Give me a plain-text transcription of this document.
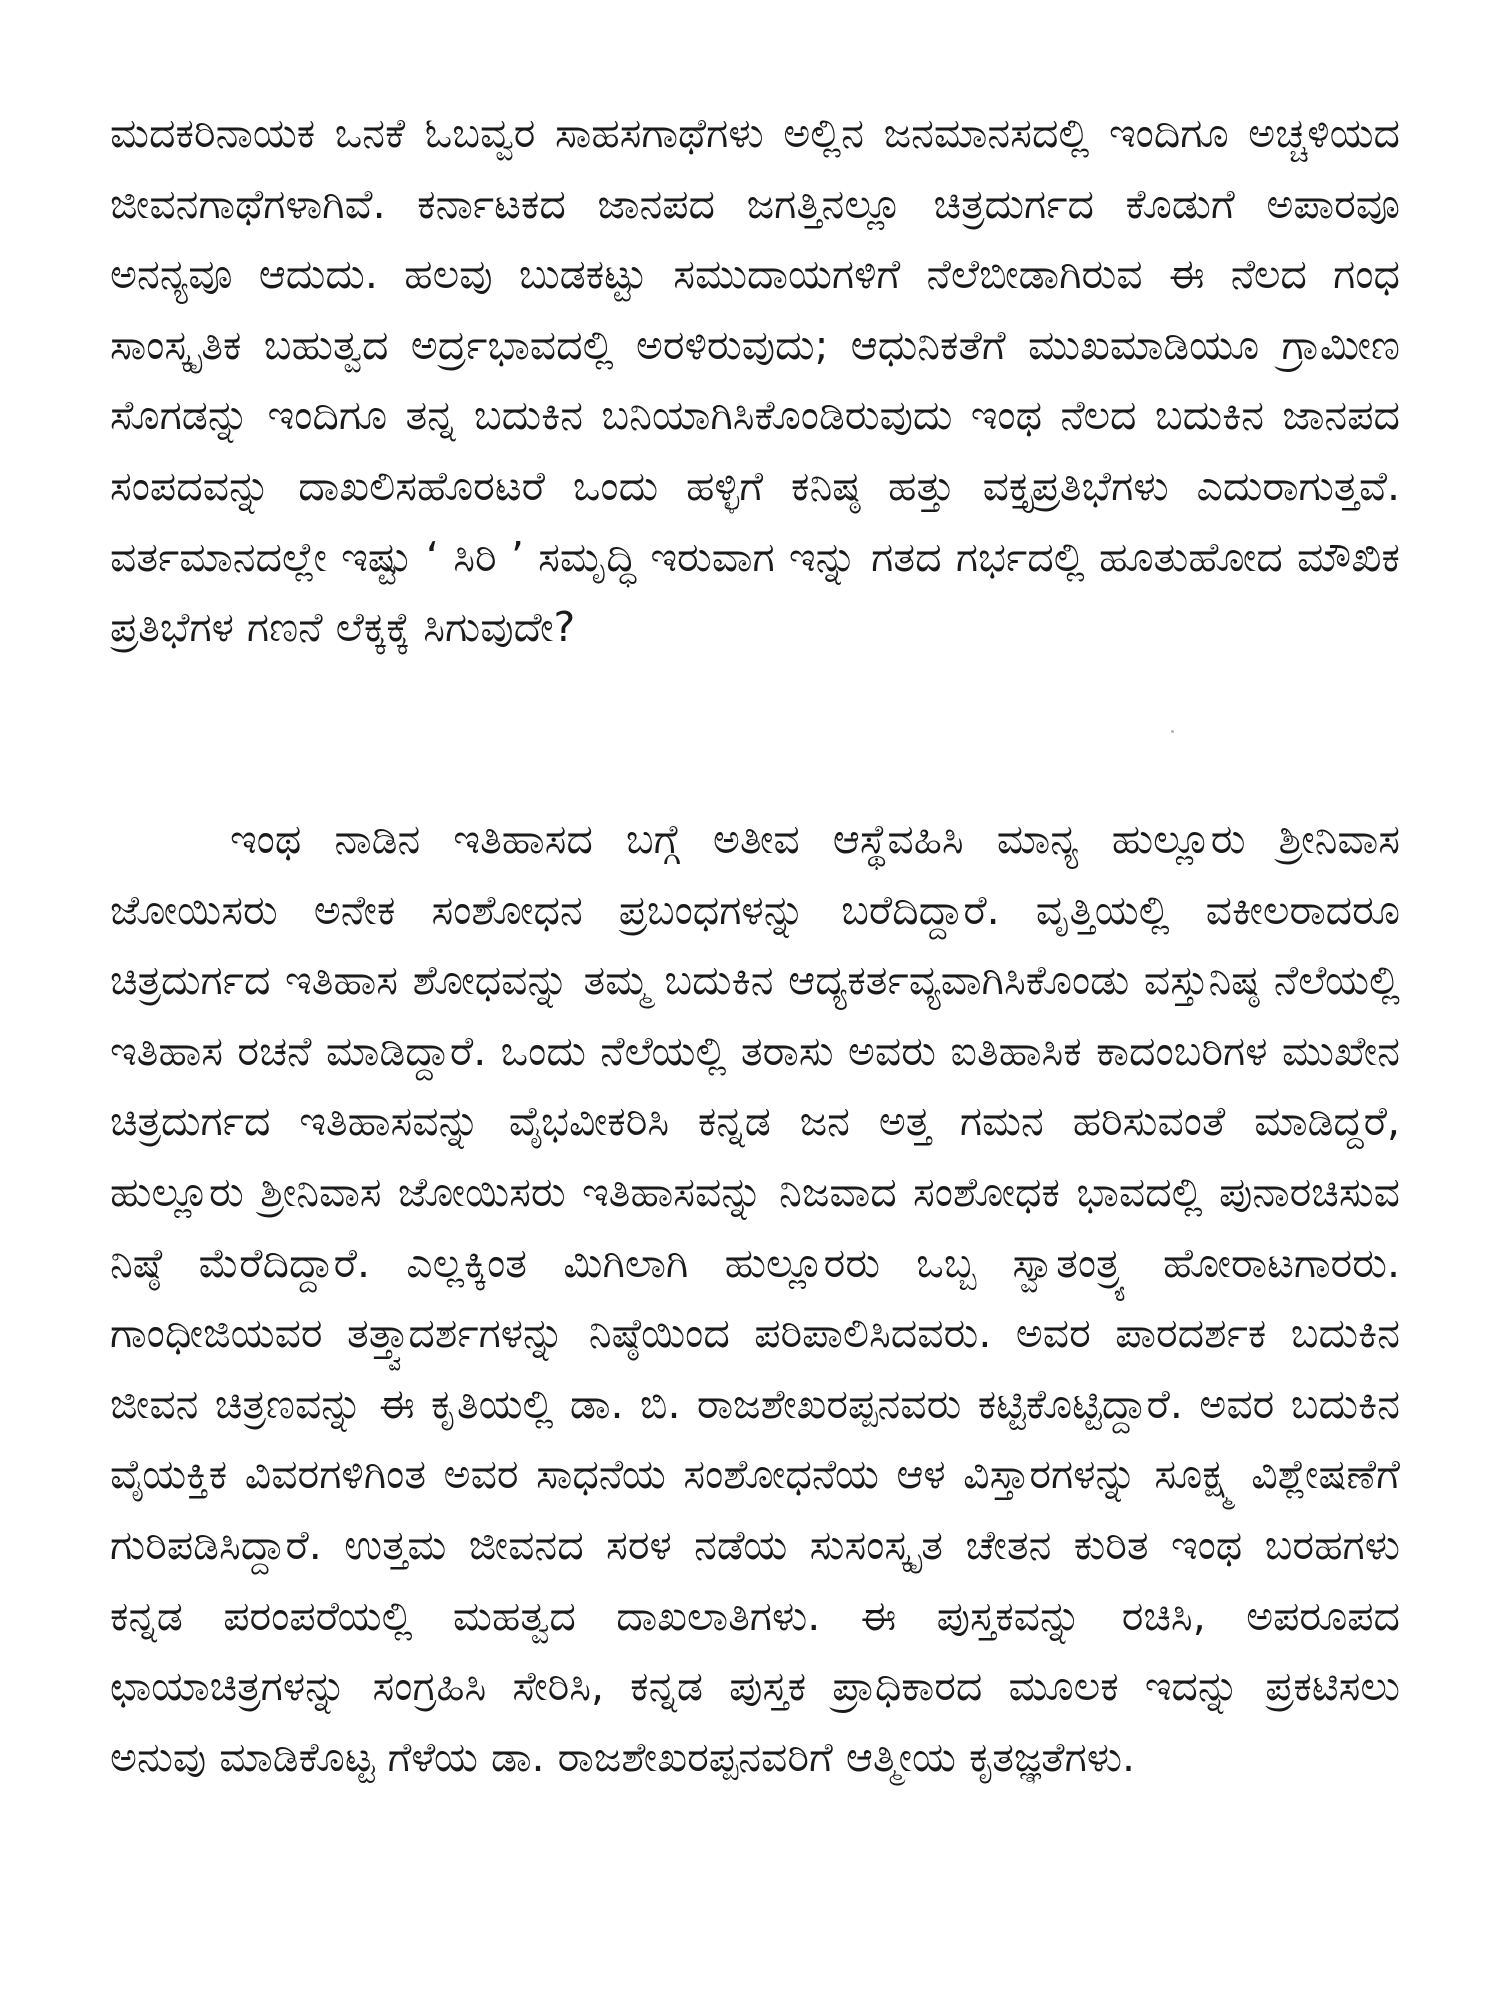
ಮದಕರಿನಾಯಕ ಒನಕೆ ಓಬವ್ವರ ಸಾಹಸಗಾಥೆಗಳು ಅಲ್ಲಿನ ಜನಮಾನಸದಲ್ಲಿ ಇಂದಿಗೂ ಅಚ್ಚಳಿಯದ ಜೀವನಗಾಥೆಗಳಾಗಿವೆ. ಕರ್ನಾಟಕದ ಜಾನಪದ ಜಗತ್ತಿನಲ್ಲೂ ಚಿತ್ರದುರ್ಗದ ಕೊಡುಗೆ ಅಪಾರವೂ ಅನನ್ಯವೂ ಆದುದು. ಹಲವು ಬುಡಕಟ್ಟು ಸಮುದಾಯಗಳಿಗೆ ನೆಲೆಬೀಡಾಗಿರುವ ಈ ನೆಲದ ಗಂಧ ಸಾಂಸ್ಕೃತಿಕ ಬಹುತ್ವದ ಅರ್ದ್ರಭಾವದಲ್ಲಿ ಅರಳಿರುವುದು; ಆಧುನಿಕತೆಗೆ ಮುಖಮಾಡಿಯೂ ಗ್ರಾಮೀಣ ಸೊಗಡನ್ನು ಇಂದಿಗೂ ತನ್ನ ಬದುಕಿನ ಬನಿಯಾಗಿಸಿಕೊಂಡಿರುವುದು ಇಂಥ ನೆಲದ ಬದುಕಿನ ಜಾನಪದ ಸಂಪದವನ್ನು ದಾಖಲಿಸಹೊರಟರೆ ಒಂದು ಹಳ್ಳಿಗೆ ಕನಿಷ್ಠ ಹತ್ತು ವಕ್ತೃಪ್ರತಿಭೆಗಳು ಎದುರಾಗುತ್ತವೆ. ವರ್ತಮಾನದಲ್ಲೇ ಇಷ್ಟು ‘ ಸಿರಿ ’ ಸಮೃದ್ಧಿ ಇರುವಾಗ ಇನ್ನು ಗತದ ಗರ್ಭದಲ್ಲಿ ಹೂತುಹೋದ ಮೌಖಿಕ ಪ್ರತಿಭೆಗಳ ಗಣನೆ ಲೆಕ್ಕಕ್ಕೆ ಸಿಗುವುದೇ?

ಇಂಥ ನಾಡಿನ ಇತಿಹಾಸದ ಬಗ್ಗೆ ಅತೀವ ಆಸ್ಥೆವಹಿಸಿ ಮಾನ್ಯ ಹುಲ್ಲೂರು ಶ್ರೀನಿವಾಸ ಜೋಯಿಸರು ಅನೇಕ ಸಂಶೋಧನ ಪ್ರಬಂಧಗಳನ್ನು ಬರೆದಿದ್ದಾರೆ. ವೃತ್ತಿಯಲ್ಲಿ ವಕೀಲರಾದರೂ ಚಿತ್ರದುರ್ಗದ ಇತಿಹಾಸ ಶೋಧವನ್ನು ತಮ್ಮ ಬದುಕಿನ ಆದ್ಯಕರ್ತವ್ಯವಾಗಿಸಿಕೊಂಡು ವಸ್ತುನಿಷ್ಠ ನೆಲೆಯಲ್ಲಿ ಇತಿಹಾಸ ರಚನೆ ಮಾಡಿದ್ದಾರೆ. ಒಂದು ನೆಲೆಯಲ್ಲಿ ತರಾಸು ಅವರು ಐತಿಹಾಸಿಕ ಕಾದಂಬರಿಗಳ ಮುಖೇನ ಚಿತ್ರದುರ್ಗದ ಇತಿಹಾಸವನ್ನು ವೈಭವೀಕರಿಸಿ ಕನ್ನಡ ಜನ ಅತ್ತ ಗಮನ ಹರಿಸುವಂತೆ ಮಾಡಿದ್ದರೆ, ಹುಲ್ಲೂರು ಶ್ರೀನಿವಾಸ ಜೋಯಿಸರು ಇತಿಹಾಸವನ್ನು ನಿಜವಾದ ಸಂಶೋಧಕ ಭಾವದಲ್ಲಿ ಪುನಾರಚಿಸುವ ನಿಷ್ಠೆ ಮೆರೆದಿದ್ದಾರೆ. ಎಲ್ಲಕ್ಕಿಂತ ಮಿಗಿಲಾಗಿ ಹುಲ್ಲೂರರು ಒಬ್ಬ ಸ್ವಾತಂತ್ರ್ಯ ಹೋರಾಟಗಾರರು. ಗಾಂಧೀಜಿಯವರ ತತ್ತ್ವಾದರ್ಶಗಳನ್ನು ನಿಷ್ಠೆಯಿಂದ ಪರಿಪಾಲಿಸಿದವರು. ಅವರ ಪಾರದರ್ಶಕ ಬದುಕಿನ ಜೀವನ ಚಿತ್ರಣವನ್ನು ಈ ಕೃತಿಯಲ್ಲಿ ಡಾ. ಬಿ. ರಾಜಶೇಖರಪ್ಪನವರು ಕಟ್ಟಿಕೊಟ್ಟಿದ್ದಾರೆ. ಅವರ ಬದುಕಿನ ವೈಯಕ್ತಿಕ ವಿವರಗಳಿಗಿಂತ ಅವರ ಸಾಧನೆಯ ಸಂಶೋಧನೆಯ ಆಳ ವಿಸ್ತಾರಗಳನ್ನು ಸೂಕ್ಷ್ಮ ವಿಶ್ಲೇಷಣೆಗೆ ಗುರಿಪಡಿಸಿದ್ದಾರೆ. ಉತ್ತಮ ಜೀವನದ ಸರಳ ನಡೆಯ ಸುಸಂಸ್ಕೃತ ಚೇತನ ಕುರಿತ ಇಂಥ ಬರಹಗಳು ಕನ್ನಡ ಪರಂಪರೆಯಲ್ಲಿ ಮಹತ್ವದ ದಾಖಲಾತಿಗಳು. ಈ ಪುಸ್ತಕವನ್ನು ರಚಿಸಿ, ಅಪರೂಪದ ಛಾಯಾಚಿತ್ರಗಳನ್ನು ಸಂಗ್ರಹಿಸಿ ಸೇರಿಸಿ, ಕನ್ನಡ ಪುಸ್ತಕ ಪ್ರಾಧಿಕಾರದ ಮೂಲಕ ಇದನ್ನು ಪ್ರಕಟಿಸಲು ಅನುವು ಮಾಡಿಕೊಟ್ಟ ಗೆಳೆಯ ಡಾ. ರಾಜಶೇಖರಪ್ಪನವರಿಗೆ ಆತ್ಮೀಯ ಕೃತಜ್ಞತೆಗಳು.
